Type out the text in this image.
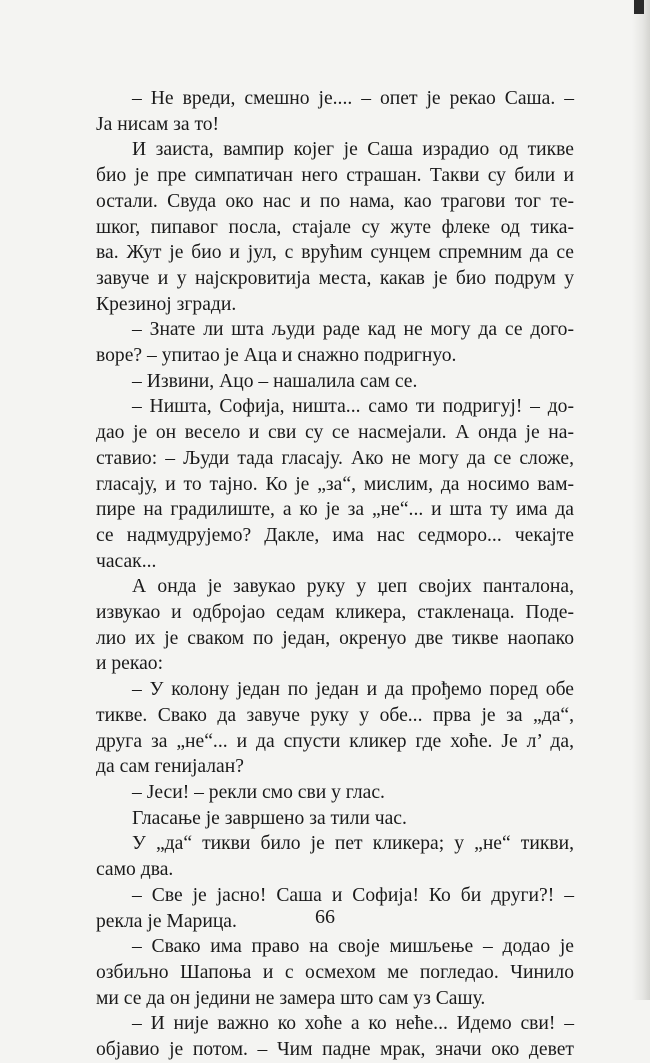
– Не вреди, смешно је.... – опет је рекао Саша. –
Ја нисам за то!
И заиста, вампир којег је Саша израдио од тикве
био је пре симпатичан него страшан. Такви су били и
остали. Свуда око нас и по нама, као трагови тог те-
шког, пипавог посла, стајале су жуте флеке од тика-
ва. Жут је био и јул, с врућим сунцем спремним да се
завуче и у најскровитија места, какав је био подрум у
Крезиној згради.
– Знате ли шта људи раде кад не могу да се дого-
воре? – упитао је Аца и снажно подригнуо.
– Извини, Ацо – нашалила сам се.
– Ништа, Софија, ништа... само ти подригуј! – до-
дао је он весело и сви су се насмејали. А онда је на-
ставио: – Људи тада гласају. Ако не могу да се сложе,
гласају, и то тајно. Ко је „за“, мислим, да носимо вам-
пире на градилиште, а ко је за „не“... и шта ту има да
се надмудрујемо? Дакле, има нас седморо... чекајте
часак...
А онда је завукао руку у џеп својих панталона,
извукао и одбројао седам кликера, стакленаца. Поде-
лио их је сваком по један, окренуо две тикве наопако
и рекао:
– У колону један по један и да прођемо поред обе
тикве. Свако да завуче руку у обе... прва је за „да“,
друга за „не“... и да спусти кликер где хоће. Је л’ да,
да сам генијалан?
– Јеси! – рекли смо сви у глас.
Гласање је завршено за тили час.
У „да“ тикви било је пет кликера; у „не“ тикви,
само два.
– Све је јасно! Саша и Софија! Ко би други?! –
рекла је Марица.
– Свако има право на своје мишљење – додао је
озбиљно Шапоња и с осмехом ме погледао. Чинило
ми се да он једини не замера што сам уз Сашу.
– И није важно ко хоће а ко неће... Идемо сви! –
објавио је потом. – Чим падне мрак, значи око девет
66
